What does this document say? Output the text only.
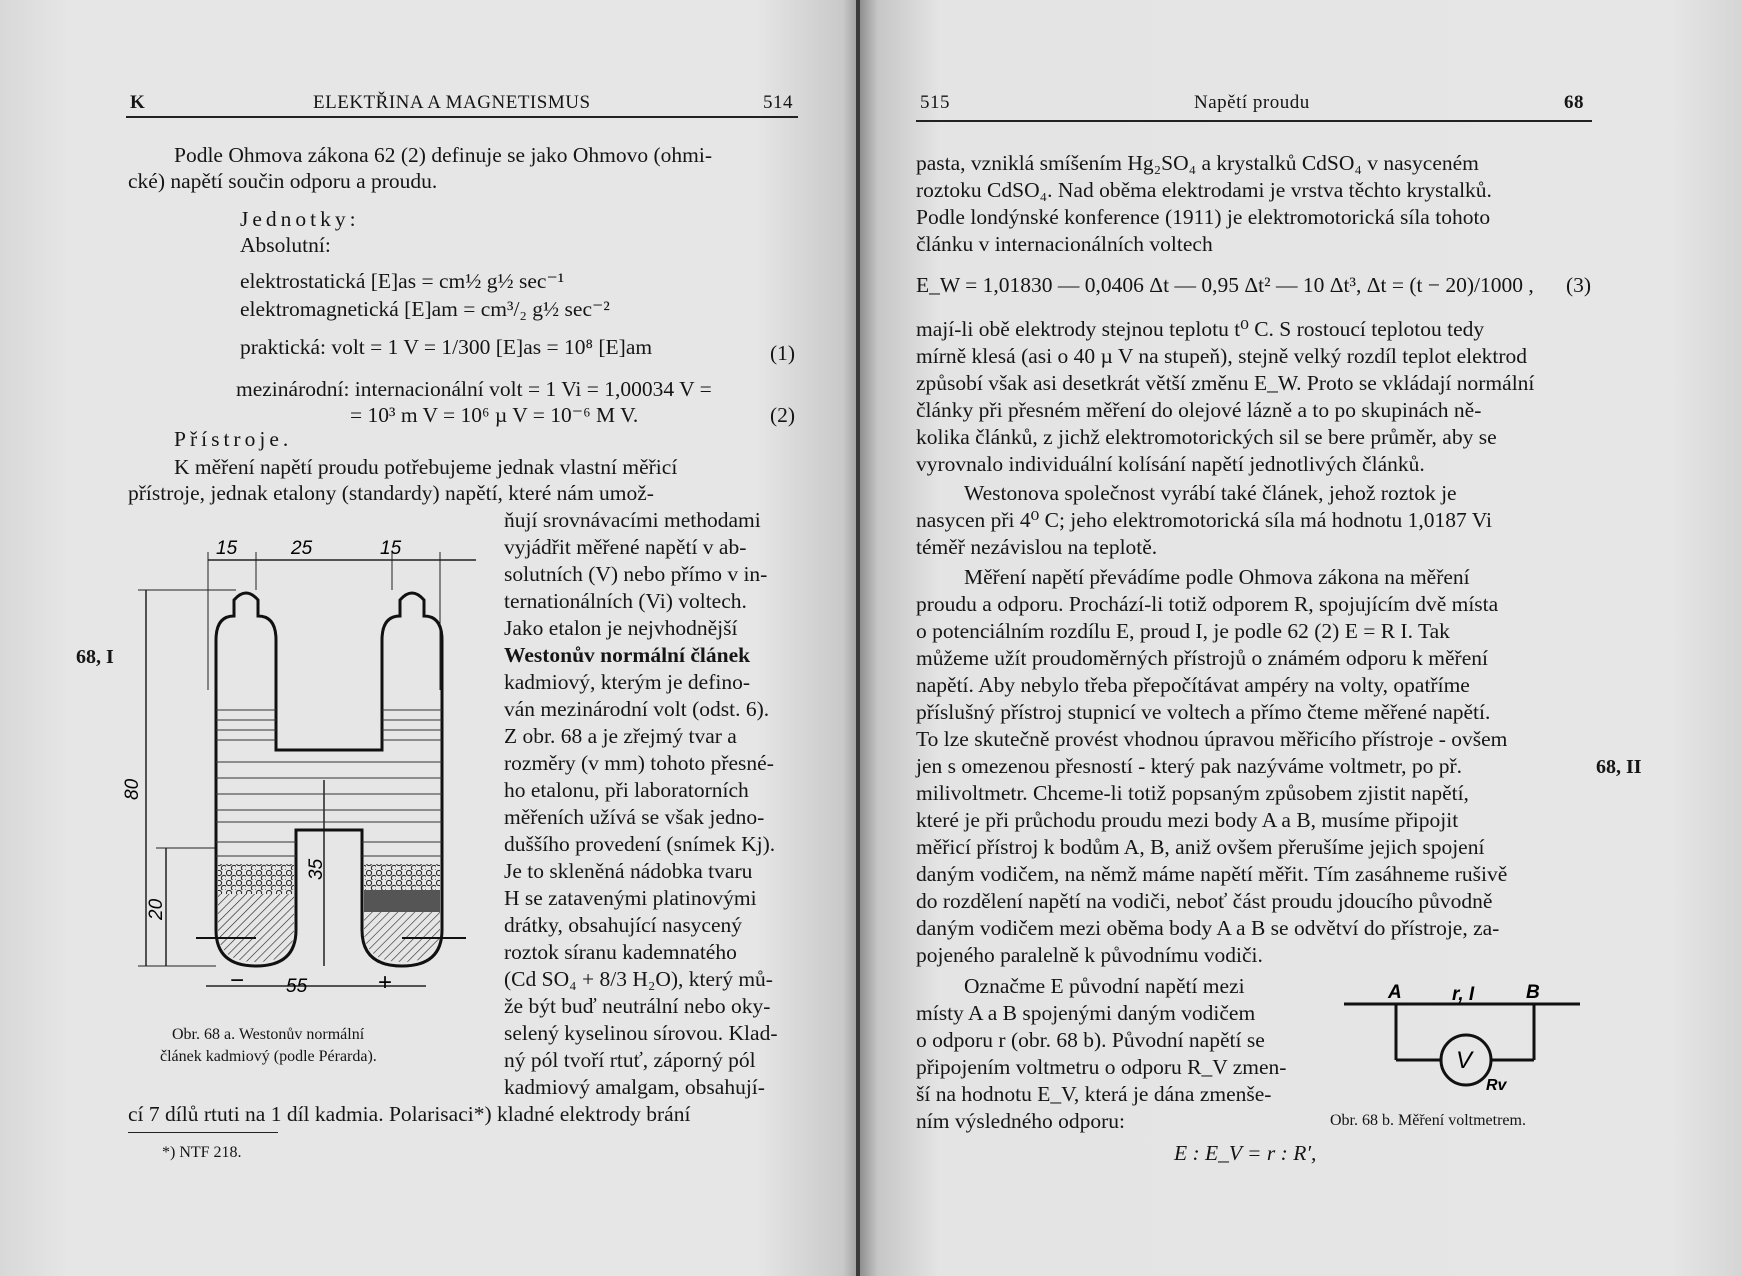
K	ELEKTŘINA A MAGNETISMUS	514
Podle Ohmova zákona 62 (2) definuje se jako Ohmovo (ohmi-
cké) napětí součin odporu a proudu.
Jednotky:
Absolutní:
elektrostatická [E]as = cm½ g½ sec⁻¹
elektromagnetická [E]am = cm³/₂ g½ sec⁻²
praktická: volt = 1 V = 1/300 [E]as = 10⁸ [E]am	(1)
mezinárodní: internacionální volt = 1 Vi = 1,00034 V =
= 10³ m V = 10⁶ µ V = 10⁻⁶ M V.	(2)
Přístroje.
K měření napětí proudu potřebujeme jednak vlastní měřicí
přístroje, jednak etalony (standardy) napětí, které nám umož-
ňují srovnávacími methodami
vyjádřit měřené napětí v ab-
solutních (V) nebo přímo v in-
ternationálních (Vi) voltech.
Jako etalon je nejvhodnější
Westonův normální článek
kadmiový, kterým je defino-
ván mezinárodní volt (odst. 6).
Z obr. 68 a je zřejmý tvar a
rozměry (v mm) tohoto přesné-
ho etalonu, při laboratorních
měřeních užívá se však jedno-
duššího provedení (snímek Kj).
Je to skleněná nádobka tvaru
H se zatavenými platinovými
drátky, obsahující nasycený
roztok síranu kademnatého
(Cd SO₄ + 8/3 H₂O), který mů-
že být buď neutrální nebo oky-
selený kyselinou sírovou. Klad-
ný pól tvoří rtuť, záporný pól
kadmiový amalgam, obsahují-
cí 7 dílů rtuti na 1 díl kadmia. Polarisaci*) kladné elektrody brání
*) NTF 218.
68, I
15	25	15
80
35
20
55
−	+
Obr. 68 a. Westonův normální
článek kadmiový (podle Pérarda).
515	Napětí proudu	68
pasta, vzniklá smíšením Hg₂SO₄ a krystalků CdSO₄ v nasyceném
roztoku CdSO₄. Nad oběma elektrodami je vrstva těchto krystalků.
Podle londýnské konference (1911) je elektromotorická síla tohoto
článku v internacionálních voltech
E_W = 1,01830 — 0,0406 Δt — 0,95 Δt² — 10 Δt³, Δt = (t − 20)/1000 , (3)
mají-li obě elektrody stejnou teplotu t⁰ C. S rostoucí teplotou tedy
mírně klesá (asi o 40 µ V na stupeň), stejně velký rozdíl teplot elektrod
způsobí však asi desetkrát větší změnu E_W. Proto se vkládají normální
články při přesném měření do olejové lázně a to po skupinách ně-
kolika článků, z jichž elektromotorických sil se bere průměr, aby se
vyrovnalo individuální kolísání napětí jednotlivých článků.
Westonova společnost vyrábí také článek, jehož roztok je
nasycen při 4⁰ C; jeho elektromotorická síla má hodnotu 1,0187 Vi
téměř nezávislou na teplotě.
Měření napětí převádíme podle Ohmova zákona na měření
proudu a odporu. Prochází-li totiž odporem R, spojujícím dvě místa
o potenciálním rozdílu E, proud I, je podle 62 (2) E = R I. Tak
můžeme užít proudoměrných přístrojů o známém odporu k měření
napětí. Aby nebylo třeba přepočítávat ampéry na volty, opatříme
příslušný přístroj stupnicí ve voltech a přímo čteme měřené napětí.
To lze skutečně provést vhodnou úpravou měřicího přístroje - ovšem
jen s omezenou přesností - který pak nazýváme voltmetr, po př.
milivoltmetr. Chceme-li totiž popsaným způsobem zjistit napětí,
které je při průchodu proudu mezi body A a B, musíme připojit
měřicí přístroj k bodům A, B, aniž ovšem přerušíme jejich spojení
daným vodičem, na němž máme napětí měřit. Tím zasáhneme rušivě
do rozdělení napětí na vodiči, neboť část proudu jdoucího původně
daným vodičem mezi oběma body A a B se odvětví do přístroje, za-
pojeného paralelně k původnímu vodiči.
Označme E původní napětí mezi
místy A a B spojenými daným vodičem
o odporu r (obr. 68 b). Původní napětí se
připojením voltmetru o odporu R_V zmen-
ší na hodnotu E_V, která je dána zmenše-
ním výsledného odporu:
E : E_V = r : R′,
68, II
A	r, I	B
V
Rv
Obr. 68 b. Měření voltmetrem.
